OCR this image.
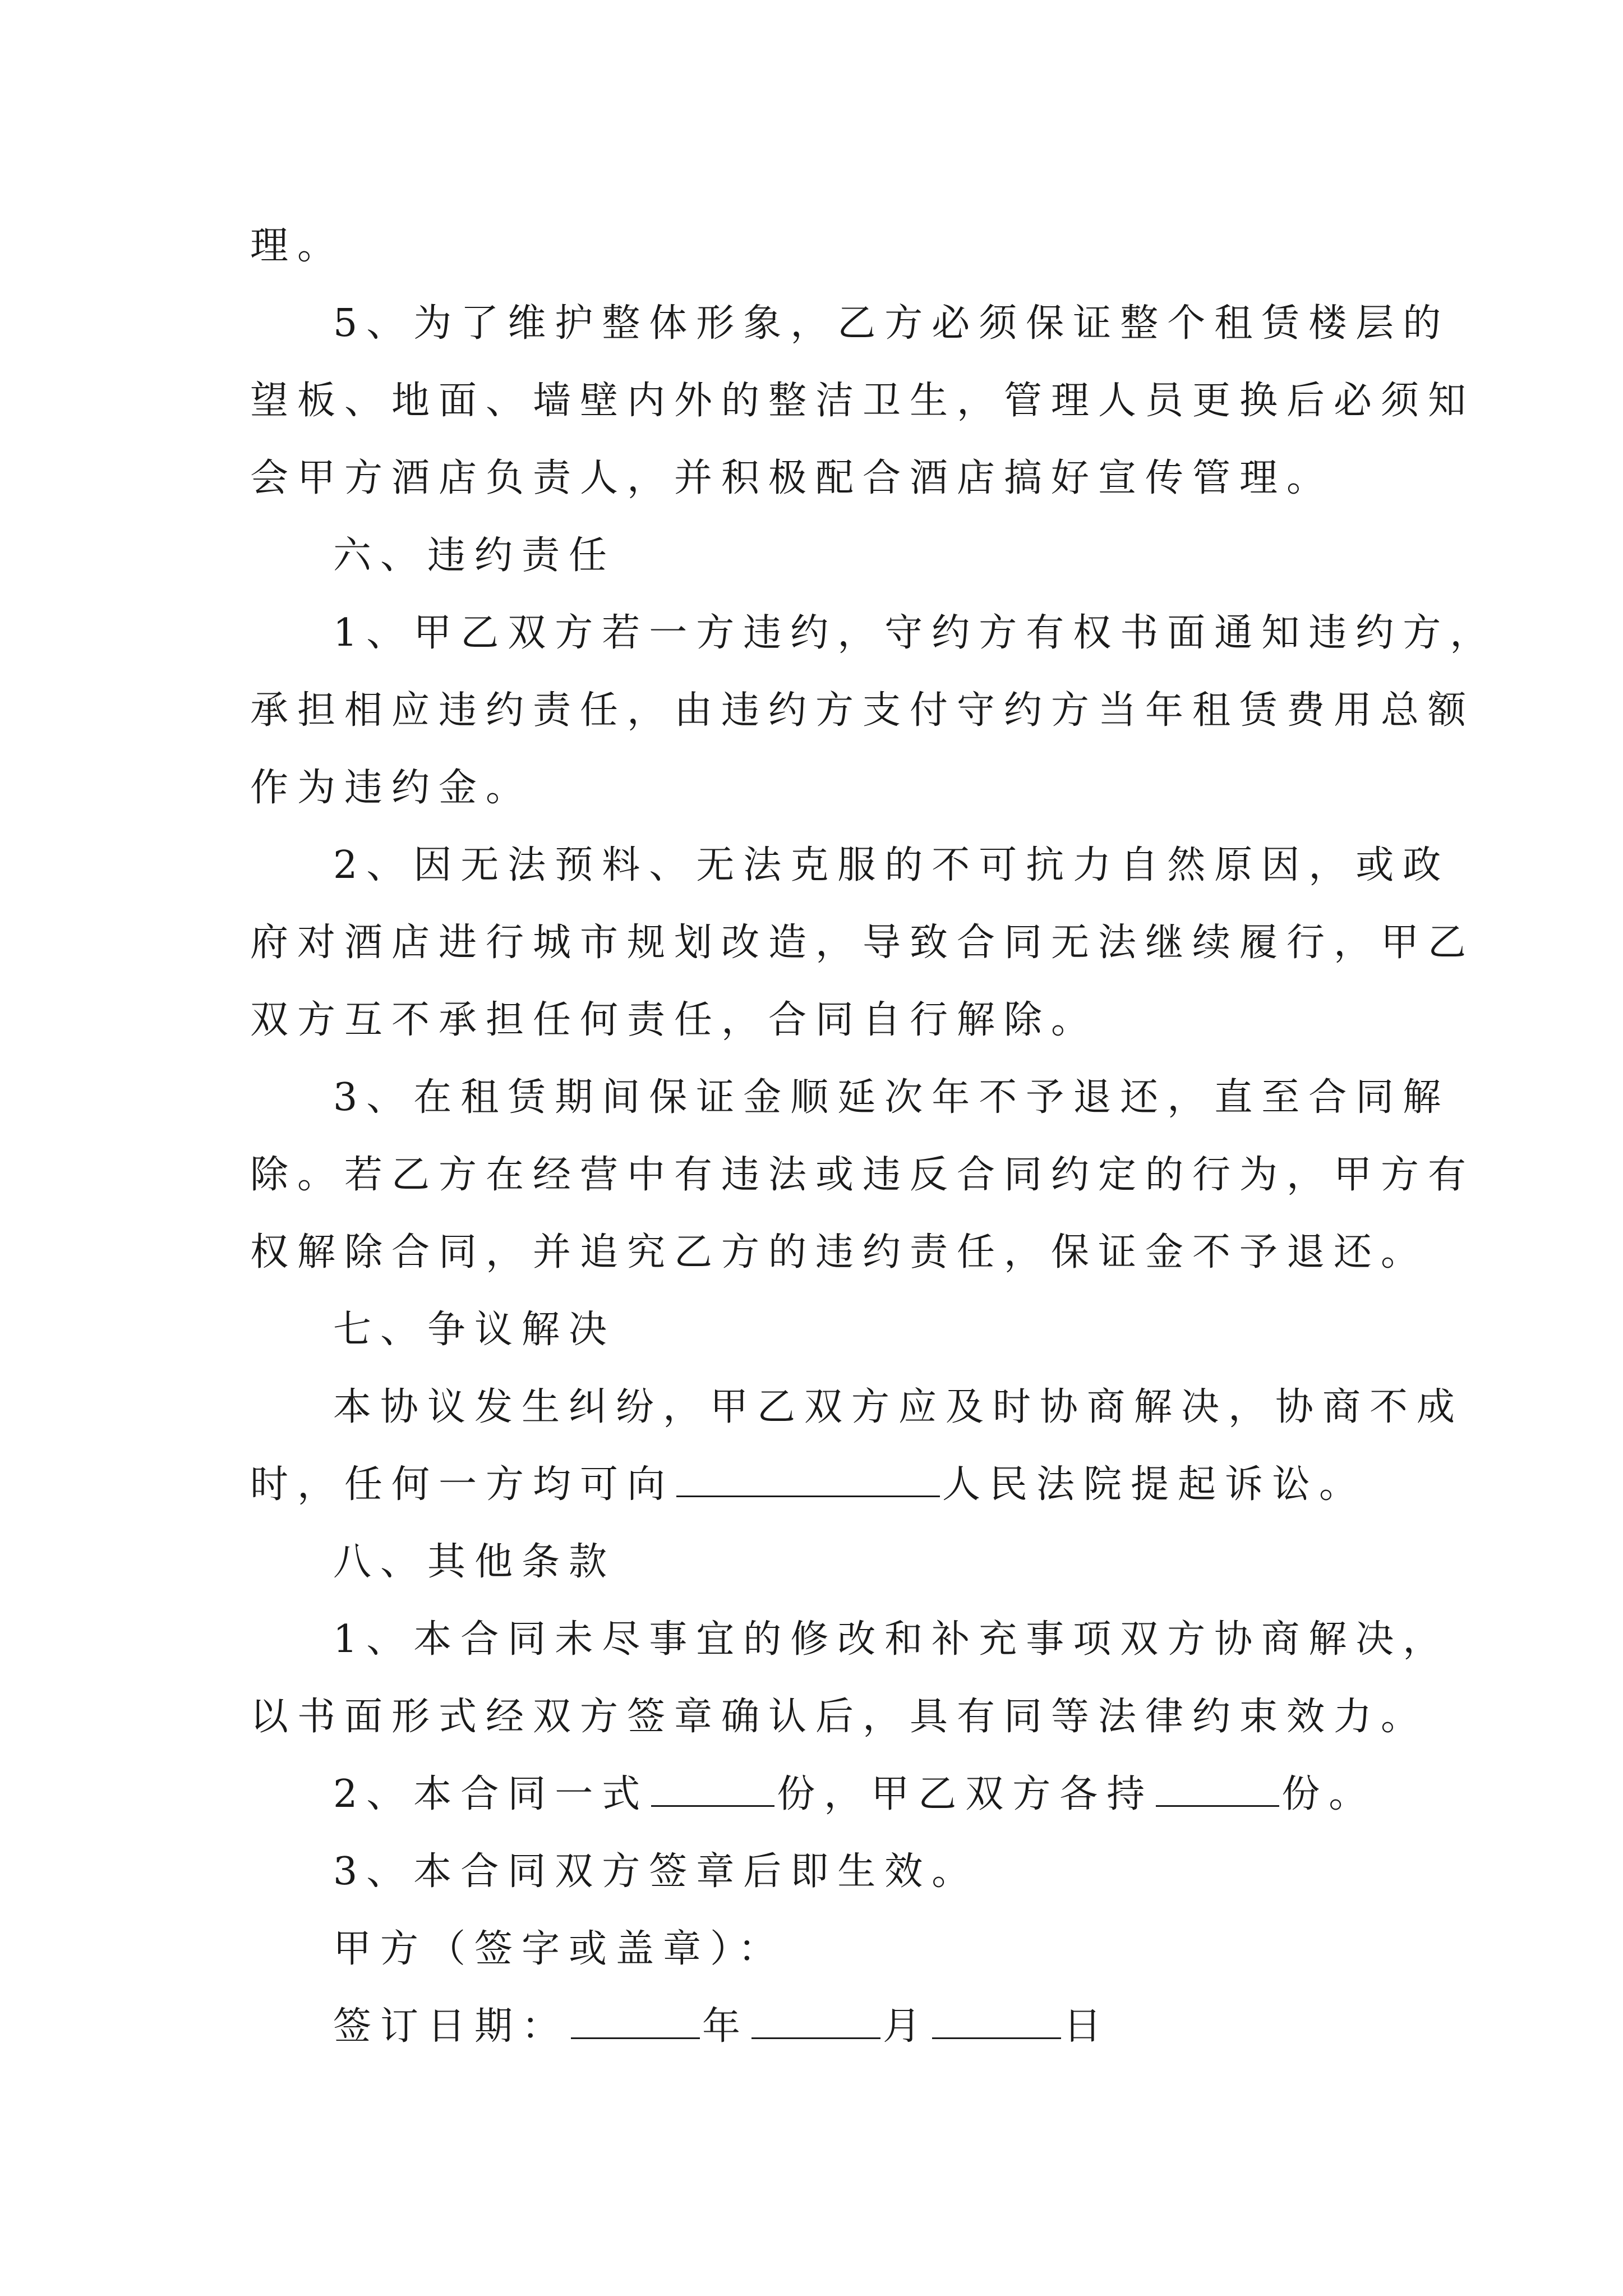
理。
5、为了维护整体形象，乙方必须保证整个租赁楼层的
望板、地面、墙壁内外的整洁卫生，管理人员更换后必须知
会甲方酒店负责人，并积极配合酒店搞好宣传管理。
六、违约责任
1、甲乙双方若一方违约，守约方有权书面通知违约方，
承担相应违约责任，由违约方支付守约方当年租赁费用总额
作为违约金。
2、因无法预料、无法克服的不可抗力自然原因，或政
府对酒店进行城市规划改造，导致合同无法继续履行，甲乙
双方互不承担任何责任，合同自行解除。
3、在租赁期间保证金顺延次年不予退还，直至合同解
除。若乙方在经营中有违法或违反合同约定的行为，甲方有
权解除合同，并追究乙方的违约责任，保证金不予退还。
七、争议解决
本协议发生纠纷，甲乙双方应及时协商解决，协商不成
时，任何一方均可向	人民法院提起诉讼。
八、其他条款
1、本合同未尽事宜的修改和补充事项双方协商解决，
以书面形式经双方签章确认后，具有同等法律约束效力。
2、本合同一式	份，甲乙双方各持	份。
3、本合同双方签章后即生效。
甲方（签字或盖章）：
签订日期：	年	月	日
